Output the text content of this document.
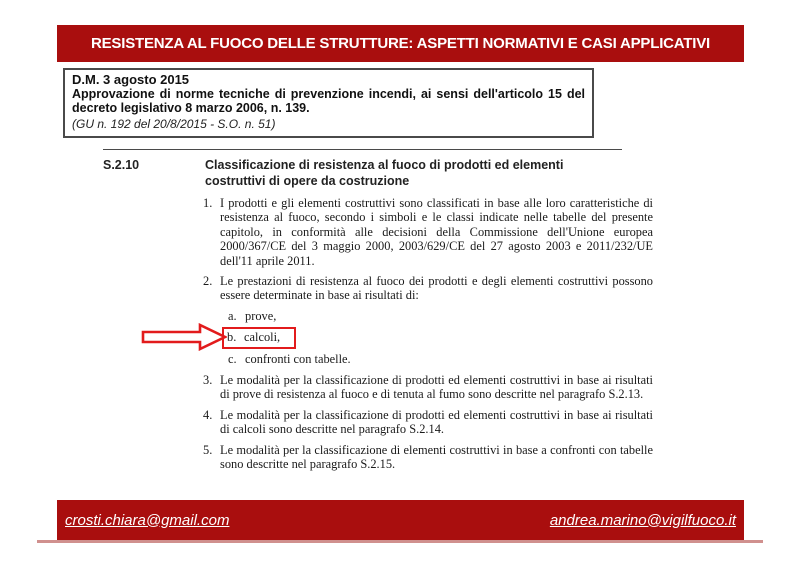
RESISTENZA AL FUOCO DELLE STRUTTURE: ASPETTI NORMATIVI E CASI APPLICATIVI
D.M. 3 agosto 2015
Approvazione di norme tecniche di prevenzione incendi, ai sensi dell'articolo 15 del decreto legislativo 8 marzo 2006, n. 139.
(GU n. 192 del 20/8/2015 - S.O. n. 51)
S.2.10	Classificazione di resistenza al fuoco di prodotti ed elementi costruttivi di opere da costruzione
1. I prodotti e gli elementi costruttivi sono classificati in base alle loro caratteristiche di resistenza al fuoco, secondo i simboli e le classi indicate nelle tabelle del presente capitolo, in conformità alle decisioni della Commissione dell'Unione europea 2000/367/CE del 3 maggio 2000, 2003/629/CE del 27 agosto 2003 e 2011/232/UE dell'11 aprile 2011.
2. Le prestazioni di resistenza al fuoco dei prodotti e degli elementi costruttivi possono essere determinate in base ai risultati di:
a. prove,
b. calcoli,
c. confronti con tabelle.
3. Le modalità per la classificazione di prodotti ed elementi costruttivi in base ai risultati di prove di resistenza al fuoco e di tenuta al fumo sono descritte nel paragrafo S.2.13.
4. Le modalità per la classificazione di prodotti ed elementi costruttivi in base ai risultati di calcoli sono descritte nel paragrafo S.2.14.
5. Le modalità per la classificazione di elementi costruttivi in base a confronti con tabelle sono descritte nel paragrafo S.2.15.
crosti.chiara@gmail.com	andrea.marino@vigilfuoco.it
